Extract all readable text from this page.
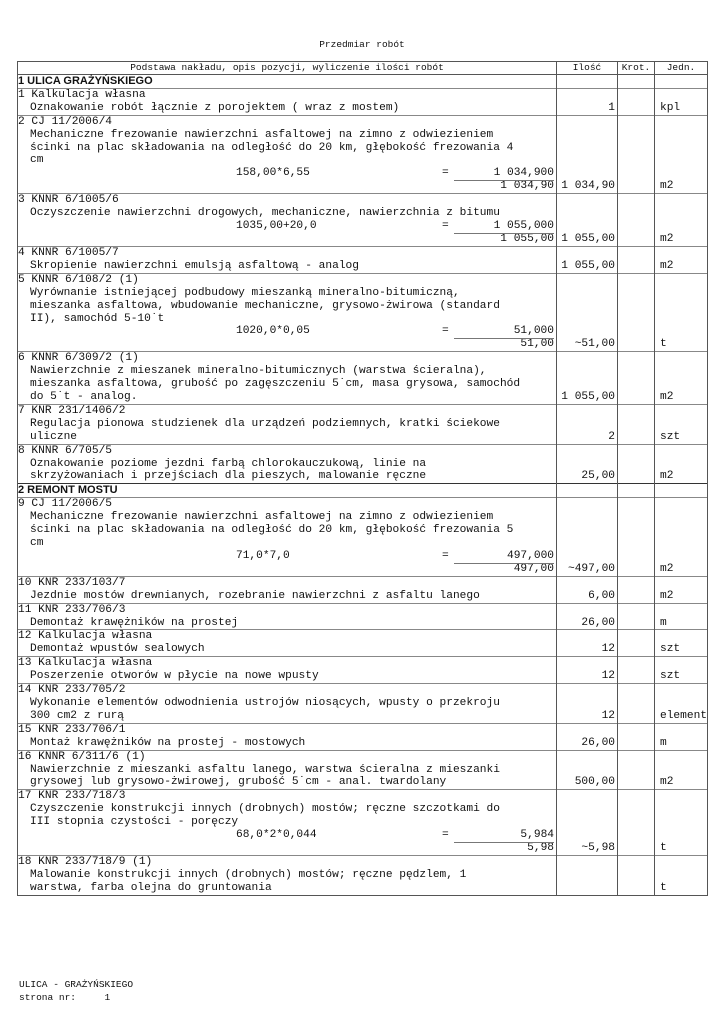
Przedmiar robót
Podstawa nakładu, opis pozycji, wyliczenie ilości robót	Ilość	Krot.	Jedn.
1 ULICA GRAŻYŃSKIEGO			
1 Kalkulacja własna			
Oznakowanie robót łącznie z porojektem ( wraz z mostem)	1		kpl
2 CJ 11/2006/4			
Mechaniczne frezowanie nawierzchni asfaltowej na zimno z odwiezieniem			
ścinki na plac składowania na odległość do 20 km, głębokość frezowania 4			
cm			

158,00*6,55 = 1 034,900			

1 034,90	1 034,90		m2
3 KNNR 6/1005/6			
Oczyszczenie nawierzchni drogowych, mechaniczne, nawierzchnia z bitumu			

1035,00+20,0 = 1 055,000			

1 055,00	1 055,00		m2
4 KNNR 6/1005/7			
Skropienie nawierzchni emulsją asfaltową - analog	1 055,00		m2
5 KNNR 6/108/2 (1)			
Wyrównanie istniejącej podbudowy mieszanką mineralno-bitumiczną,			
mieszanka asfaltowa, wbudowanie mechaniczne, grysowo-żwirowa (standard			
II), samochód 5-10˙t			

1020,0*0,05 = 51,000			

51,00	~51,00		t
6 KNNR 6/309/2 (1)			
Nawierzchnie z mieszanek mineralno-bitumicznych (warstwa ścieralna),			
mieszanka asfaltowa, grubość po zagęszczeniu 5˙cm, masa grysowa, samochód			
do 5˙t - analog.	1 055,00		m2
7 KNR 231/1406/2			
Regulacja pionowa studzienek dla urządzeń podziemnych, kratki ściekowe			
uliczne	2		szt
8 KNNR 6/705/5			
Oznakowanie poziome jezdni farbą chlorokauczukową, linie na			
skrzyżowaniach i przejściach dla pieszych, malowanie ręczne	25,00		m2
2 REMONT MOSTU			
9 CJ 11/2006/5			
Mechaniczne frezowanie nawierzchni asfaltowej na zimno z odwiezieniem			
ścinki na plac składowania na odległość do 20 km, głębokość frezowania 5			
cm			

71,0*7,0 = 497,000			

497,00	~497,00		m2
10 KNR 233/103/7			
Jezdnie mostów drewnianych, rozebranie nawierzchni z asfaltu lanego	6,00		m2
11 KNR 233/706/3			
Demontaż krawężników na prostej	26,00		m
12 Kalkulacja własna			
Demontaż wpustów sealowych	12		szt
13 Kalkulacja własna			
Poszerzenie otworów w płycie na nowe wpusty	12		szt
14 KNR 233/705/2			
Wykonanie elementów odwodnienia ustrojów niosących, wpusty o przekroju			
300 cm2 z rurą	12		element
15 KNR 233/706/1			
Montaż krawężników na prostej - mostowych	26,00		m
16 KNNR 6/311/6 (1)			
Nawierzchnie z mieszanki asfaltu lanego, warstwa ścieralna z mieszanki			
grysowej lub grysowo-żwirowej, grubość 5˙cm - anal. twardolany	500,00		m2
17 KNR 233/718/3			
Czyszczenie konstrukcji innych (drobnych) mostów; ręczne szczotkami do			
III stopnia czystości - poręczy			

68,0*2*0,044 = 5,984			

5,98	~5,98		t
18 KNR 233/718/9 (1)			
Malowanie konstrukcji innych (drobnych) mostów; ręczne pędzlem, 1			
warstwa, farba olejna do gruntowania			t
ULICA - GRAŻYŃSKIEGO
strona nr:	1
